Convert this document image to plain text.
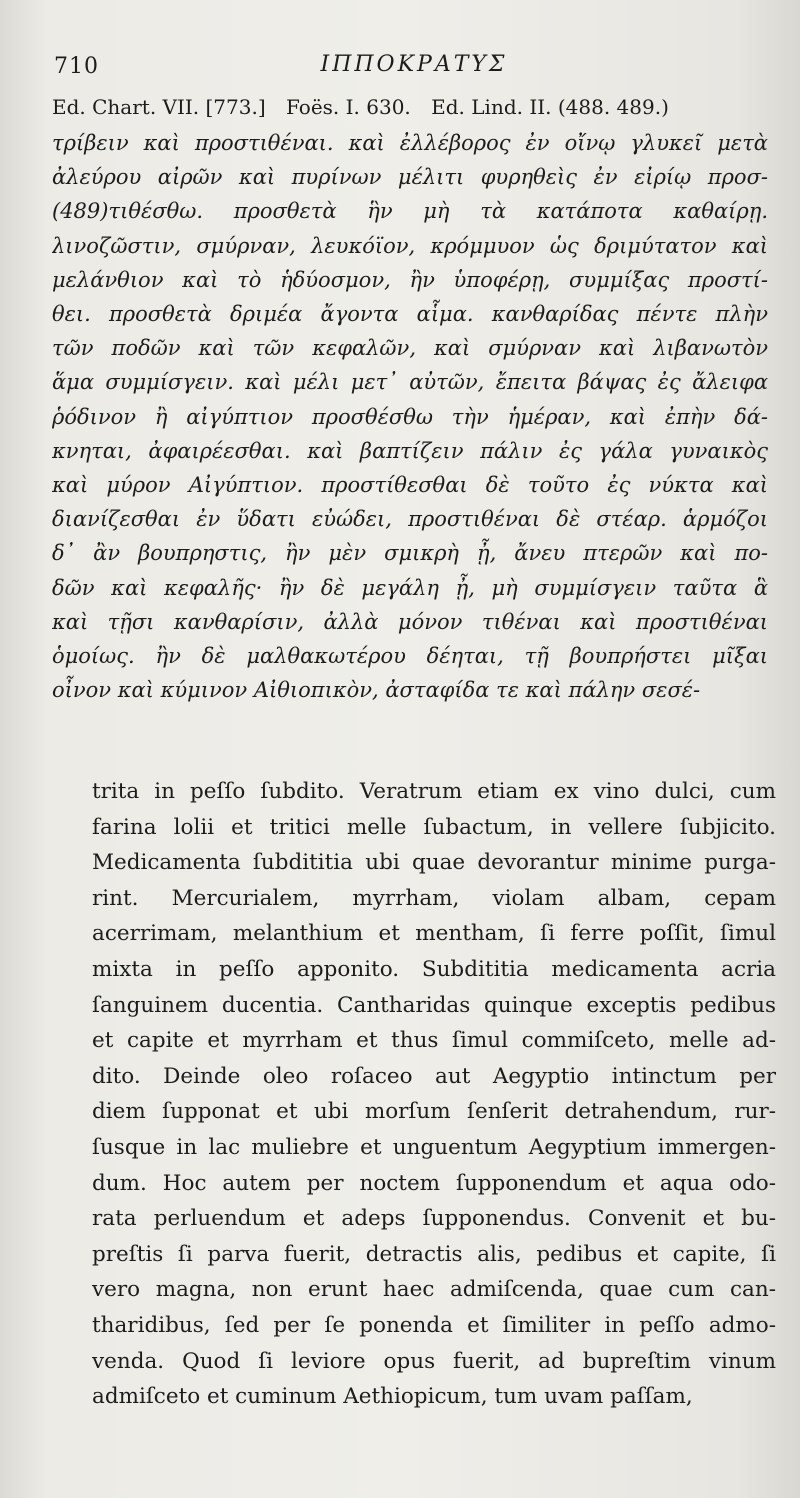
710	ΙΠΠΟΚΡΑΤΥΣ
Ed. Chart. VII. [773.] Foës. I. 630. Ed. Lind. II. (488. 489.)
τρίβειν καὶ προστιθέναι. καὶ ἐλλέβορος ἐν οἴνῳ γλυκεῖ μετὰ
ἀλεύρου αἰρῶν καὶ πυρίνων μέλιτι φυρηθεὶς ἐν εἰρίῳ προσ-
(489)τιθέσθω. προσθετὰ ἣν μὴ τὰ κατάποτα καθαίρῃ.
λινοζῶστιν, σμύρναν, λευκόϊον, κρόμμυον ὡς δριμύτατον καὶ
μελάνθιον καὶ τὸ ἡδύοσμον, ἢν ὑποφέρῃ, συμμίξας προστί-
θει. προσθετὰ δριμέα ἄγοντα αἷμα. κανθαρίδας πέντε πλὴν
τῶν ποδῶν καὶ τῶν κεφαλῶν, καὶ σμύρναν καὶ λιβανωτὸν
ἅμα συμμίσγειν. καὶ μέλι μετ᾽ αὐτῶν, ἔπειτα βάψας ἐς ἄλειφα
ῥόδινον ἢ αἰγύπτιον προσθέσθω τὴν ἡμέραν, καὶ ἐπὴν δά-
κνηται, ἀφαιρέεσθαι. καὶ βαπτίζειν πάλιν ἐς γάλα γυναικὸς
καὶ μύρον Αἰγύπτιον. προστίθεσθαι δὲ τοῦτο ἐς νύκτα καὶ
διανίζεσθαι ἐν ὕδατι εὐώδει, προστιθέναι δὲ στέαρ. ἁρμόζοι
δ᾽ ἂν βουπρηστις, ἢν μὲν σμικρὴ ᾖ, ἄνευ πτερῶν καὶ πο-
δῶν καὶ κεφαλῆς· ἢν δὲ μεγάλη ᾖ, μὴ συμμίσγειν ταῦτα ἃ
καὶ τῇσι κανθαρίσιν, ἀλλὰ μόνον τιθέναι καὶ προστιθέναι
ὁμοίως. ἢν δὲ μαλθακωτέρου δέηται, τῇ βουπρήστει μῖξαι
οἶνον καὶ κύμινον Αἰθιοπικὸν, ἀσταφίδα τε καὶ πάλην σεσέ-
trita in peſſo ſubdito. Veratrum etiam ex vino dulci, cum
farina lolii et tritici melle ſubactum, in vellere ſubjicito.
Medicamenta ſubdititia ubi quae devorantur minime purga-
rint. Mercurialem, myrrham, violam albam, cepam
acerrimam, melanthium et mentham, ſi ferre poſſit, ſimul
mixta in peſſo apponito. Subdititia medicamenta acria
ſanguinem ducentia. Cantharidas quinque exceptis pedibus
et capite et myrrham et thus ſimul commiſceto, melle ad-
dito. Deinde oleo roſaceo aut Aegyptio intinctum per
diem ſupponat et ubi morſum ſenſerit detrahendum, rur-
ſusque in lac muliebre et unguentum Aegyptium immergen-
dum. Hoc autem per noctem ſupponendum et aqua odo-
rata perluendum et adeps ſupponendus. Convenit et bu-
preſtis ſi parva fuerit, detractis alis, pedibus et capite, ſi
vero magna, non erunt haec admiſcenda, quae cum can-
tharidibus, ſed per ſe ponenda et ſimiliter in peſſo admo-
venda. Quod ſi leviore opus fuerit, ad bupreſtim vinum
admiſceto et cuminum Aethiopicum, tum uvam paſſam,
